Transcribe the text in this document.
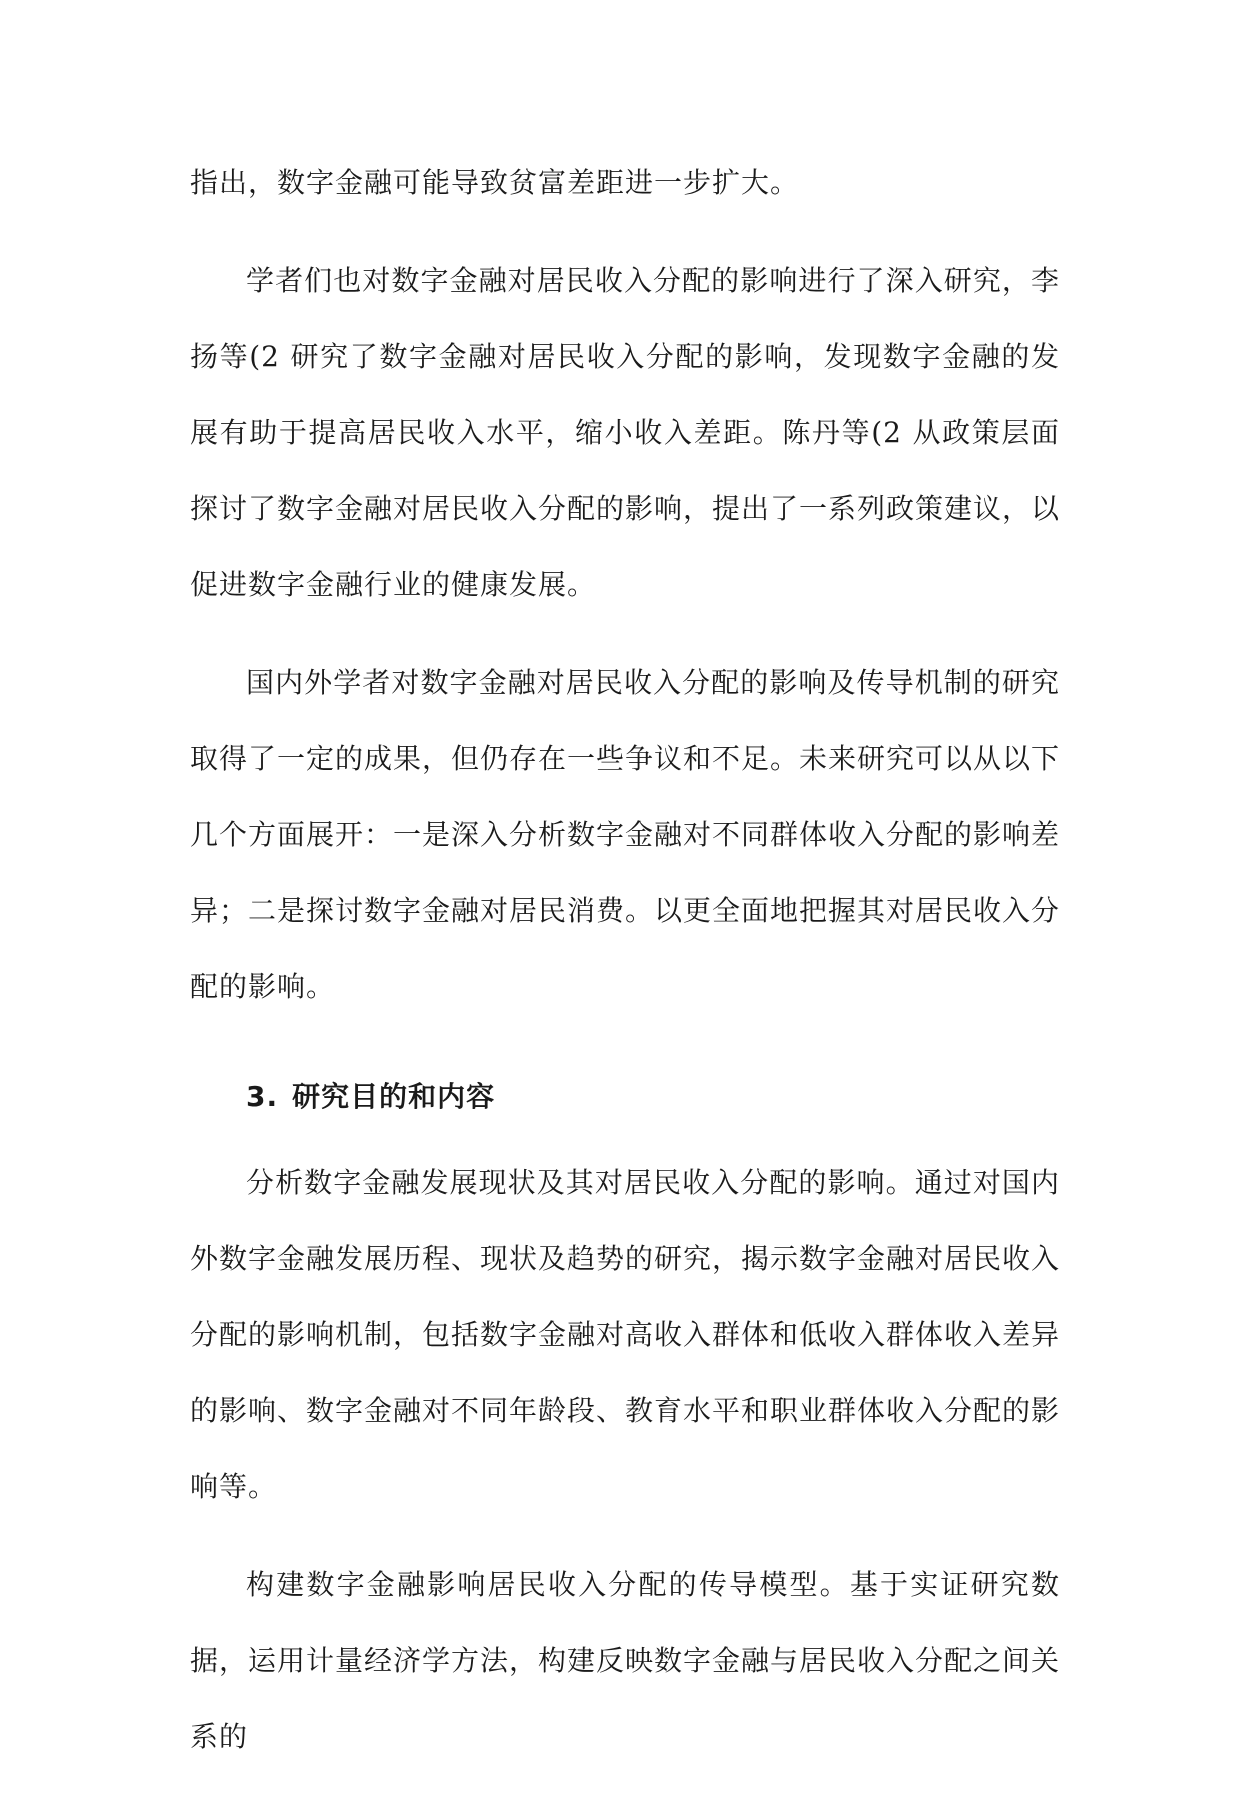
指出，数字金融可能导致贫富差距进一步扩大。

学者们也对数字金融对居民收入分配的影响进行了深入研究，李扬等(2 研究了数字金融对居民收入分配的影响，发现数字金融的发展有助于提高居民收入水平，缩小收入差距。陈丹等(2 从政策层面探讨了数字金融对居民收入分配的影响，提出了一系列政策建议，以促进数字金融行业的健康发展。

国内外学者对数字金融对居民收入分配的影响及传导机制的研究取得了一定的成果，但仍存在一些争议和不足。未来研究可以从以下几个方面展开：一是深入分析数字金融对不同群体收入分配的影响差异；二是探讨数字金融对居民消费。以更全面地把握其对居民收入分配的影响。

3. 研究目的和内容

分析数字金融发展现状及其对居民收入分配的影响。通过对国内外数字金融发展历程、现状及趋势的研究，揭示数字金融对居民收入分配的影响机制，包括数字金融对高收入群体和低收入群体收入差异的影响、数字金融对不同年龄段、教育水平和职业群体收入分配的影响等。

构建数字金融影响居民收入分配的传导模型。基于实证研究数据，运用计量经济学方法，构建反映数字金融与居民收入分配之间关系的
